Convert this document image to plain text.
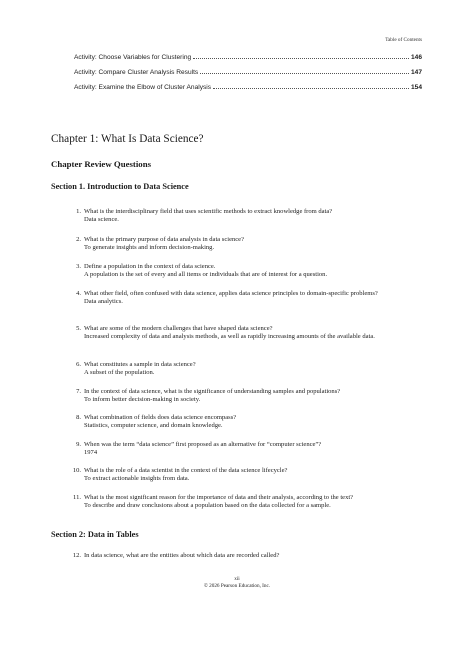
Table of Contents
Activity: Choose Variables for Clustering	146
Activity: Compare Cluster Analysis Results	147
Activity: Examine the Elbow of Cluster Analysis	154
Chapter 1: What Is Data Science?
Chapter Review Questions
Section 1. Introduction to Data Science
1. What is the interdisciplinary field that uses scientific methods to extract knowledge from data?
Data science.
2. What is the primary purpose of data analysis in data science?
To generate insights and inform decision-making.
3. Define a population in the context of data science.
A population is the set of every and all items or individuals that are of interest for a question.
4. What other field, often confused with data science, applies data science principles to domain-specific problems?
Data analytics.
5. What are some of the modern challenges that have shaped data science?
Increased complexity of data and analysis methods, as well as rapidly increasing amounts of the available data.
6. What constitutes a sample in data science?
A subset of the population.
7. In the context of data science, what is the significance of understanding samples and populations?
To inform better decision-making in society.
8. What combination of fields does data science encompass?
Statistics, computer science, and domain knowledge.
9. When was the term “data science” first proposed as an alternative for “computer science”?
1974
10. What is the role of a data scientist in the context of the data science lifecycle?
To extract actionable insights from data.
11. What is the most significant reason for the importance of data and their analysis, according to the text?
To describe and draw conclusions about a population based on the data collected for a sample.
Section 2: Data in Tables
12. In data science, what are the entities about which data are recorded called?
xii
© 2026 Pearson Education, Inc.
